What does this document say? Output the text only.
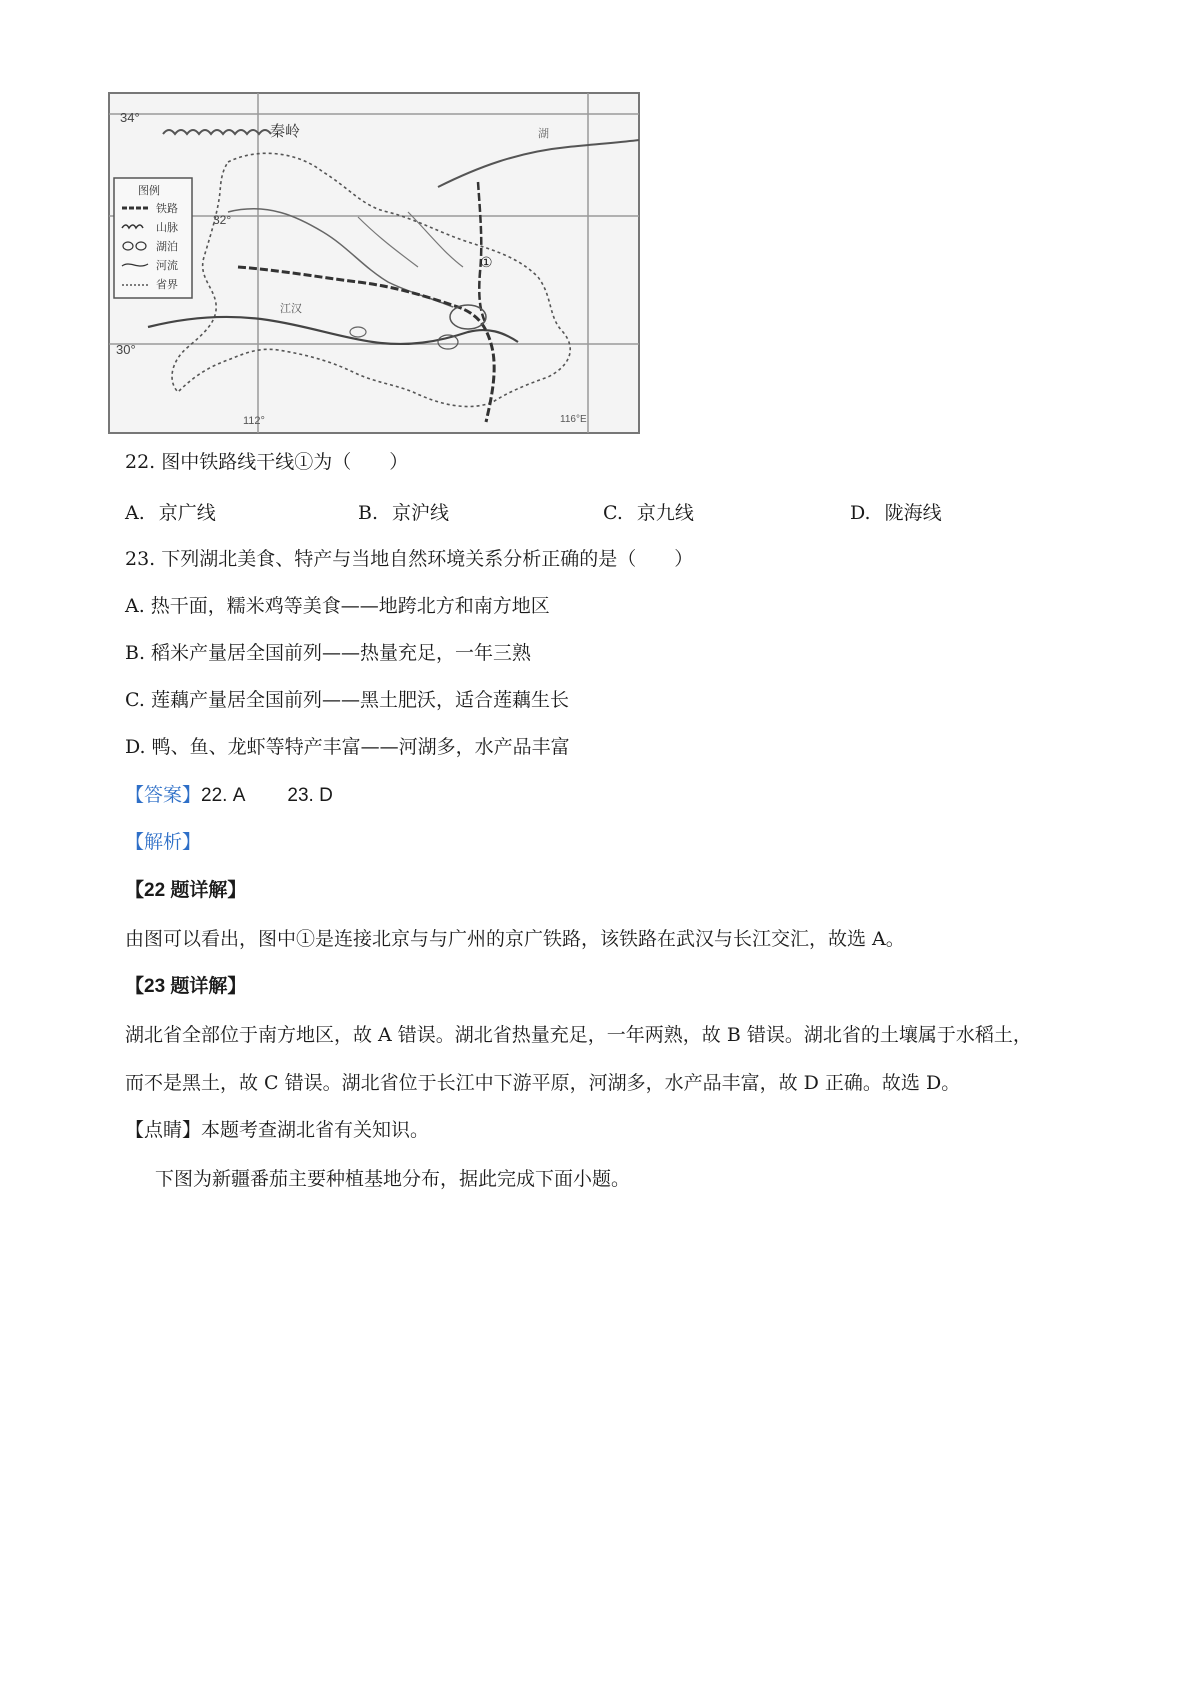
34°
32°
30°
112°	116°E
秦岭	湖
江汉
①
图例
铁路
山脉
湖泊
河流
省界
22. 图中铁路线干线①为（　　）
A. 京广线	B. 京沪线	C. 京九线	D. 陇海线
23. 下列湖北美食、特产与当地自然环境关系分析正确的是（　　）
A. 热干面，糯米鸡等美食——地跨北方和南方地区
B. 稻米产量居全国前列——热量充足，一年三熟
C. 莲藕产量居全国前列——黑土肥沃，适合莲藕生长
D. 鸭、鱼、龙虾等特产丰富——河湖多，水产品丰富
【答案】22. A 23. D
【解析】
【22 题详解】
由图可以看出，图中①是连接北京与与广州的京广铁路，该铁路在武汉与长江交汇，故选 A。
【23 题详解】
湖北省全部位于南方地区，故 A 错误。湖北省热量充足，一年两熟，故 B 错误。湖北省的土壤属于水稻土，
而不是黑土，故 C 错误。湖北省位于长江中下游平原，河湖多，水产品丰富，故 D 正确。故选 D。
【点睛】本题考查湖北省有关知识。
下图为新疆番茄主要种植基地分布，据此完成下面小题。
